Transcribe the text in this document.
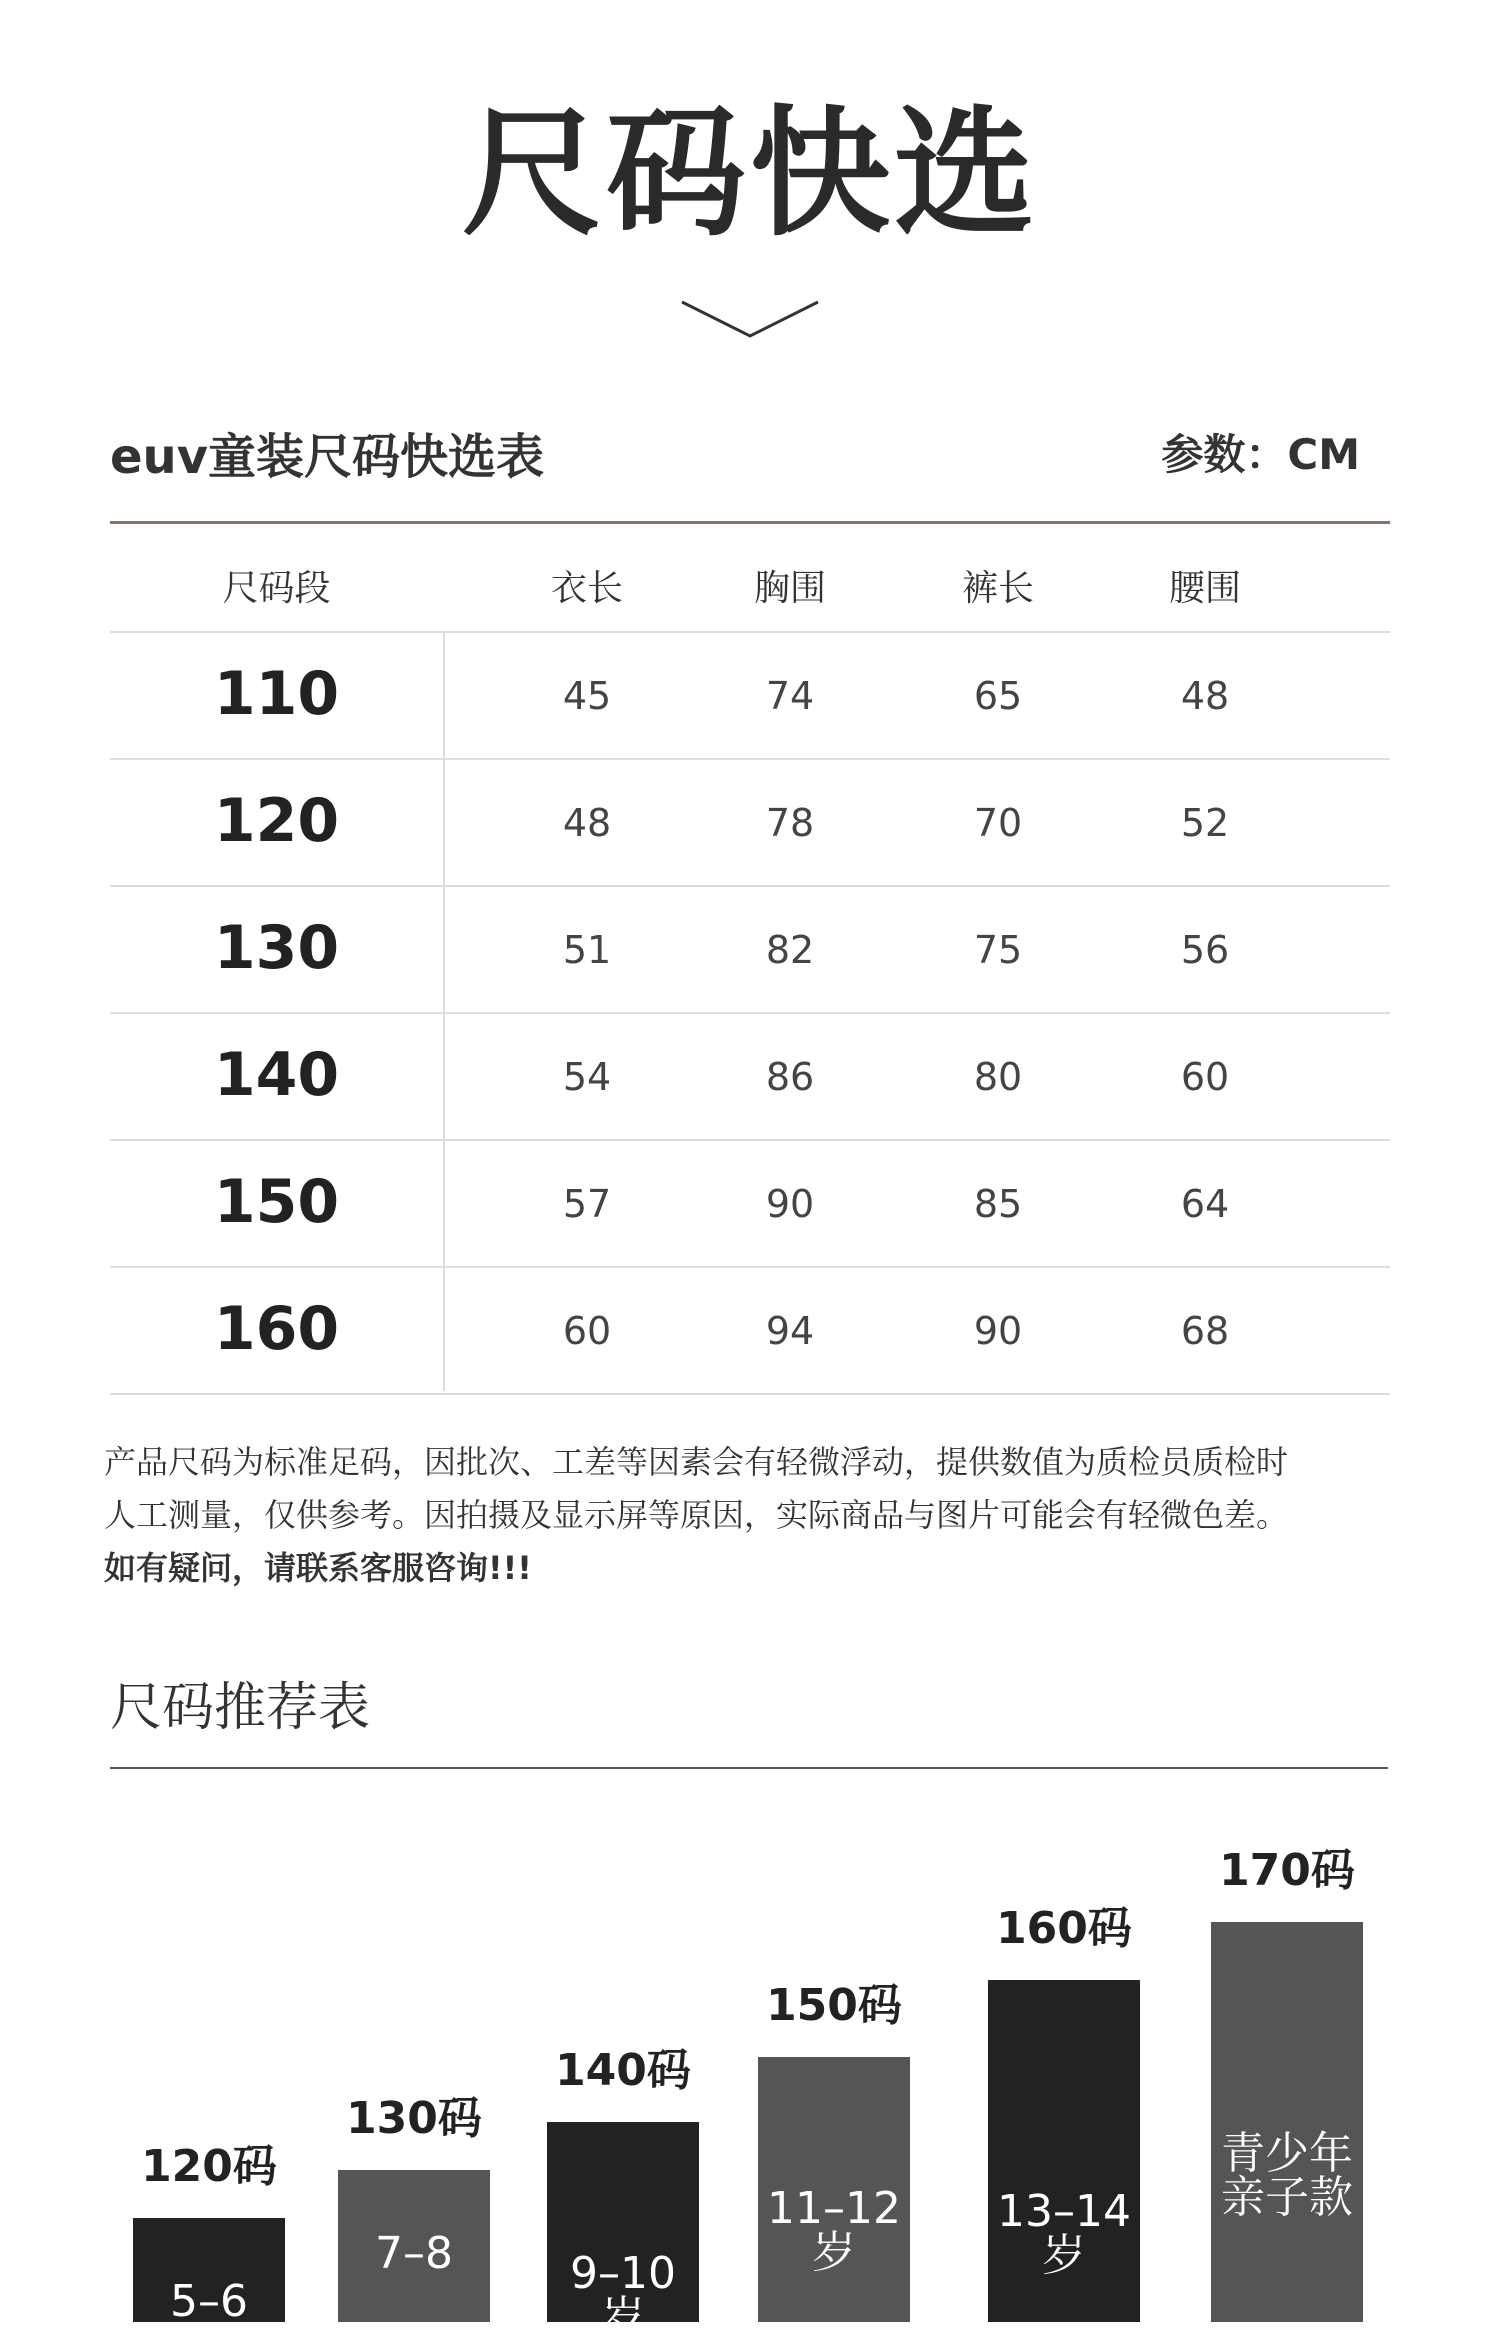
尺码快选
euv童装尺码快选表	参数：CM
尺码段	衣长	胸围	裤长	腰围
110	45	74	65	48
120	48	78	70	52
130	51	82	75	56
140	54	86	80	60
150	57	90	85	64
160	60	94	90	68
产品尺码为标准足码，因批次、工差等因素会有轻微浮动，提供数值为质检员质检时
人工测量，仅供参考。因拍摄及显示屏等原因，实际商品与图片可能会有轻微色差。
如有疑问，请联系客服咨询!!!
尺码推荐表
120码
5–6
130码
7–8
140码
9–10
岁
150码
11–12
岁
160码
13–14
岁
170码
青少年
亲子款
